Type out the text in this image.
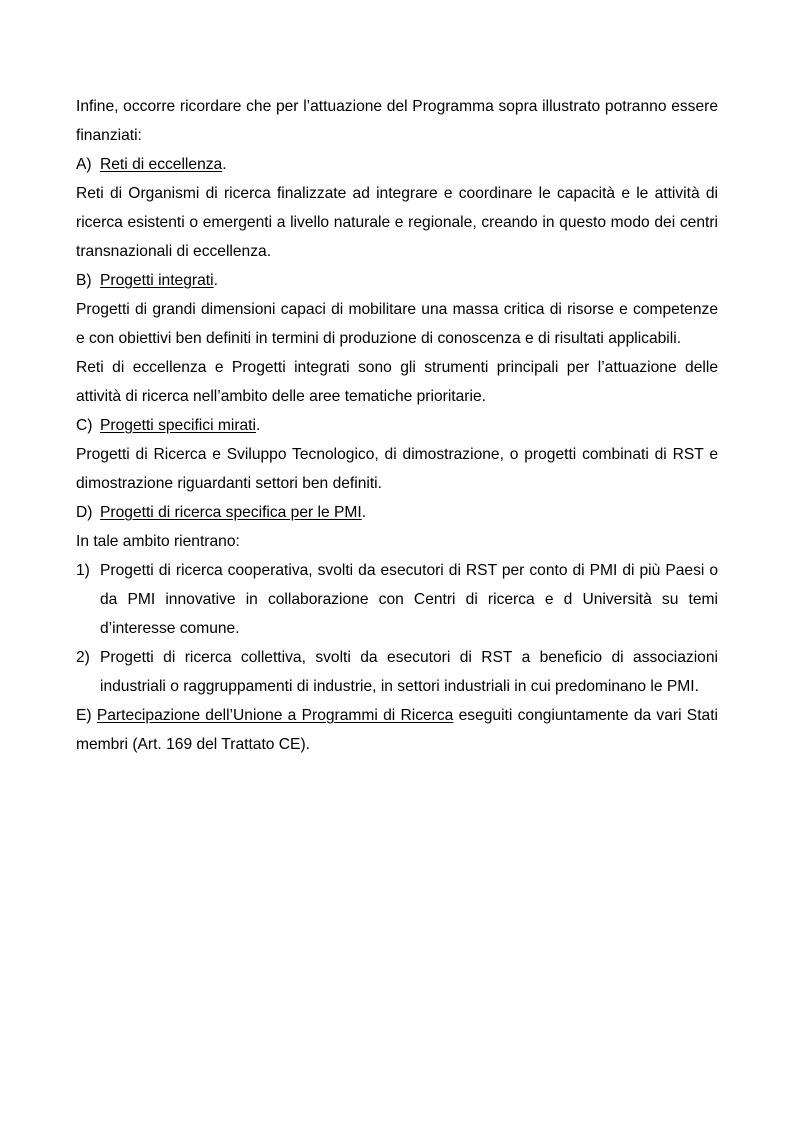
Infine, occorre ricordare che per l’attuazione del Programma sopra illustrato potranno essere finanziati:

A) Reti di eccellenza.

Reti di Organismi di ricerca finalizzate ad integrare e coordinare le capacità e le attività di ricerca esistenti o emergenti a livello naturale e regionale, creando in questo modo dei centri transnazionali di eccellenza.

B) Progetti integrati.

Progetti di grandi dimensioni capaci di mobilitare una massa critica di risorse e competenze e con obiettivi ben definiti in termini di produzione di conoscenza e di risultati applicabili.

Reti di eccellenza e Progetti integrati sono gli strumenti principali per l’attuazione delle attività di ricerca nell’ambito delle aree tematiche prioritarie.

C) Progetti specifici mirati.

Progetti di Ricerca e Sviluppo Tecnologico, di dimostrazione, o progetti combinati di RST e dimostrazione riguardanti settori ben definiti.

D) Progetti di ricerca specifica per le PMI.

In tale ambito rientrano:

1) Progetti di ricerca cooperativa, svolti da esecutori di RST per conto di PMI di più Paesi o da PMI innovative in collaborazione con Centri di ricerca e d Università su temi d’interesse comune.
2) Progetti di ricerca collettiva, svolti da esecutori di RST a beneficio di associazioni industriali o raggruppamenti di industrie, in settori industriali in cui predominano le PMI.

E) Partecipazione dell’Unione a Programmi di Ricerca eseguiti congiuntamente da vari Stati membri (Art. 169 del Trattato CE).
